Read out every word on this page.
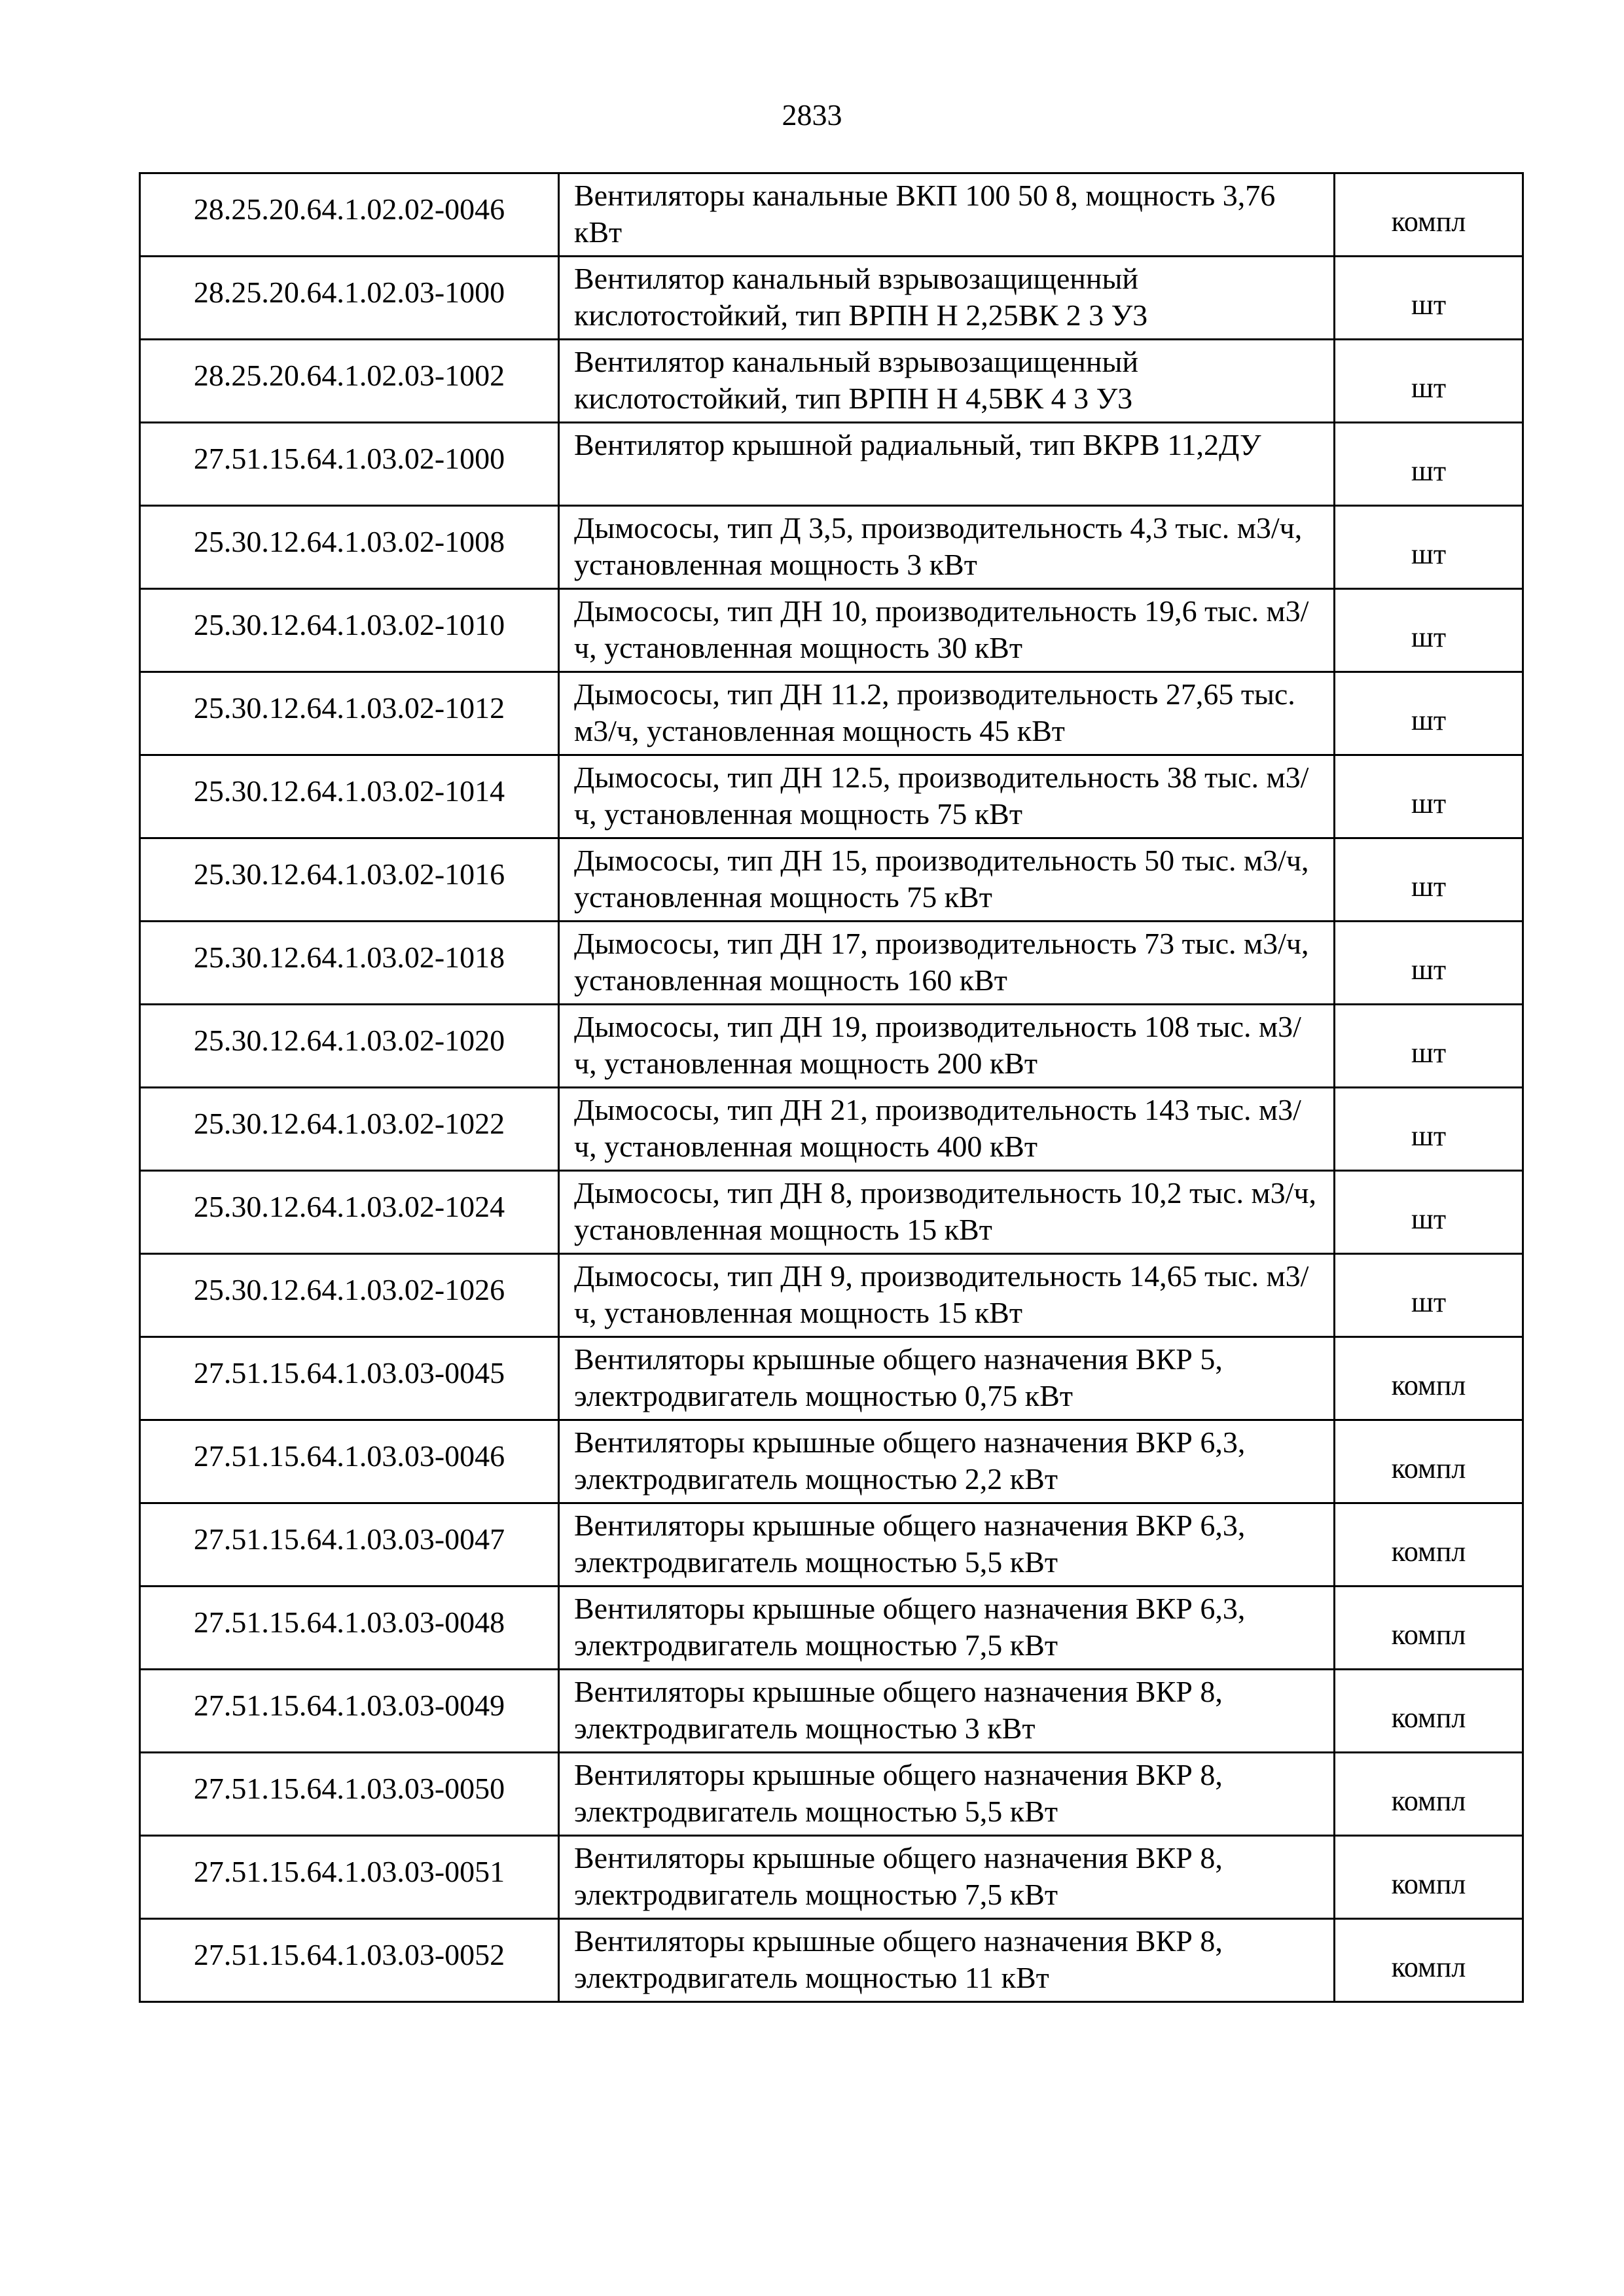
2833
28.25.20.64.1.02.02-0046	Вентиляторы канальные ВКП 100 50 8, мощность 3,76 кВт	компл
28.25.20.64.1.02.03-1000	Вентилятор канальный взрывозащищенный кислотостойкий, тип ВРПН Н 2,25ВК 2 3 У3	шт
28.25.20.64.1.02.03-1002	Вентилятор канальный взрывозащищенный кислотостойкий, тип ВРПН Н 4,5ВК 4 3 У3	шт
27.51.15.64.1.03.02-1000	Вентилятор крышной радиальный, тип ВКРВ 11,2ДУ	шт
25.30.12.64.1.03.02-1008	Дымососы, тип Д 3,5, производительность 4,3 тыс. м3/ч, установленная мощность 3 кВт	шт
25.30.12.64.1.03.02-1010	Дымососы, тип ДН 10, производительность 19,6 тыс. м3/ч, установленная мощность 30 кВт	шт
25.30.12.64.1.03.02-1012	Дымососы, тип ДН 11.2, производительность 27,65 тыс. м3/ч, установленная мощность 45 кВт	шт
25.30.12.64.1.03.02-1014	Дымососы, тип ДН 12.5, производительность 38 тыс. м3/ч, установленная мощность 75 кВт	шт
25.30.12.64.1.03.02-1016	Дымососы, тип ДН 15, производительность 50 тыс. м3/ч, установленная мощность 75 кВт	шт
25.30.12.64.1.03.02-1018	Дымососы, тип ДН 17, производительность 73 тыс. м3/ч, установленная мощность 160 кВт	шт
25.30.12.64.1.03.02-1020	Дымососы, тип ДН 19, производительность 108 тыс. м3/ч, установленная мощность 200 кВт	шт
25.30.12.64.1.03.02-1022	Дымососы, тип ДН 21, производительность 143 тыс. м3/ч, установленная мощность 400 кВт	шт
25.30.12.64.1.03.02-1024	Дымососы, тип ДН 8, производительность 10,2 тыс. м3/ч, установленная мощность 15 кВт	шт
25.30.12.64.1.03.02-1026	Дымососы, тип ДН 9, производительность 14,65 тыс. м3/ч, установленная мощность 15 кВт	шт
27.51.15.64.1.03.03-0045	Вентиляторы крышные общего назначения ВКР 5, электродвигатель мощностью 0,75 кВт	компл
27.51.15.64.1.03.03-0046	Вентиляторы крышные общего назначения ВКР 6,3, электродвигатель мощностью 2,2 кВт	компл
27.51.15.64.1.03.03-0047	Вентиляторы крышные общего назначения ВКР 6,3, электродвигатель мощностью 5,5 кВт	компл
27.51.15.64.1.03.03-0048	Вентиляторы крышные общего назначения ВКР 6,3, электродвигатель мощностью 7,5 кВт	компл
27.51.15.64.1.03.03-0049	Вентиляторы крышные общего назначения ВКР 8, электродвигатель мощностью 3 кВт	компл
27.51.15.64.1.03.03-0050	Вентиляторы крышные общего назначения ВКР 8, электродвигатель мощностью 5,5 кВт	компл
27.51.15.64.1.03.03-0051	Вентиляторы крышные общего назначения ВКР 8, электродвигатель мощностью 7,5 кВт	компл
27.51.15.64.1.03.03-0052	Вентиляторы крышные общего назначения ВКР 8, электродвигатель мощностью 11 кВт	компл
